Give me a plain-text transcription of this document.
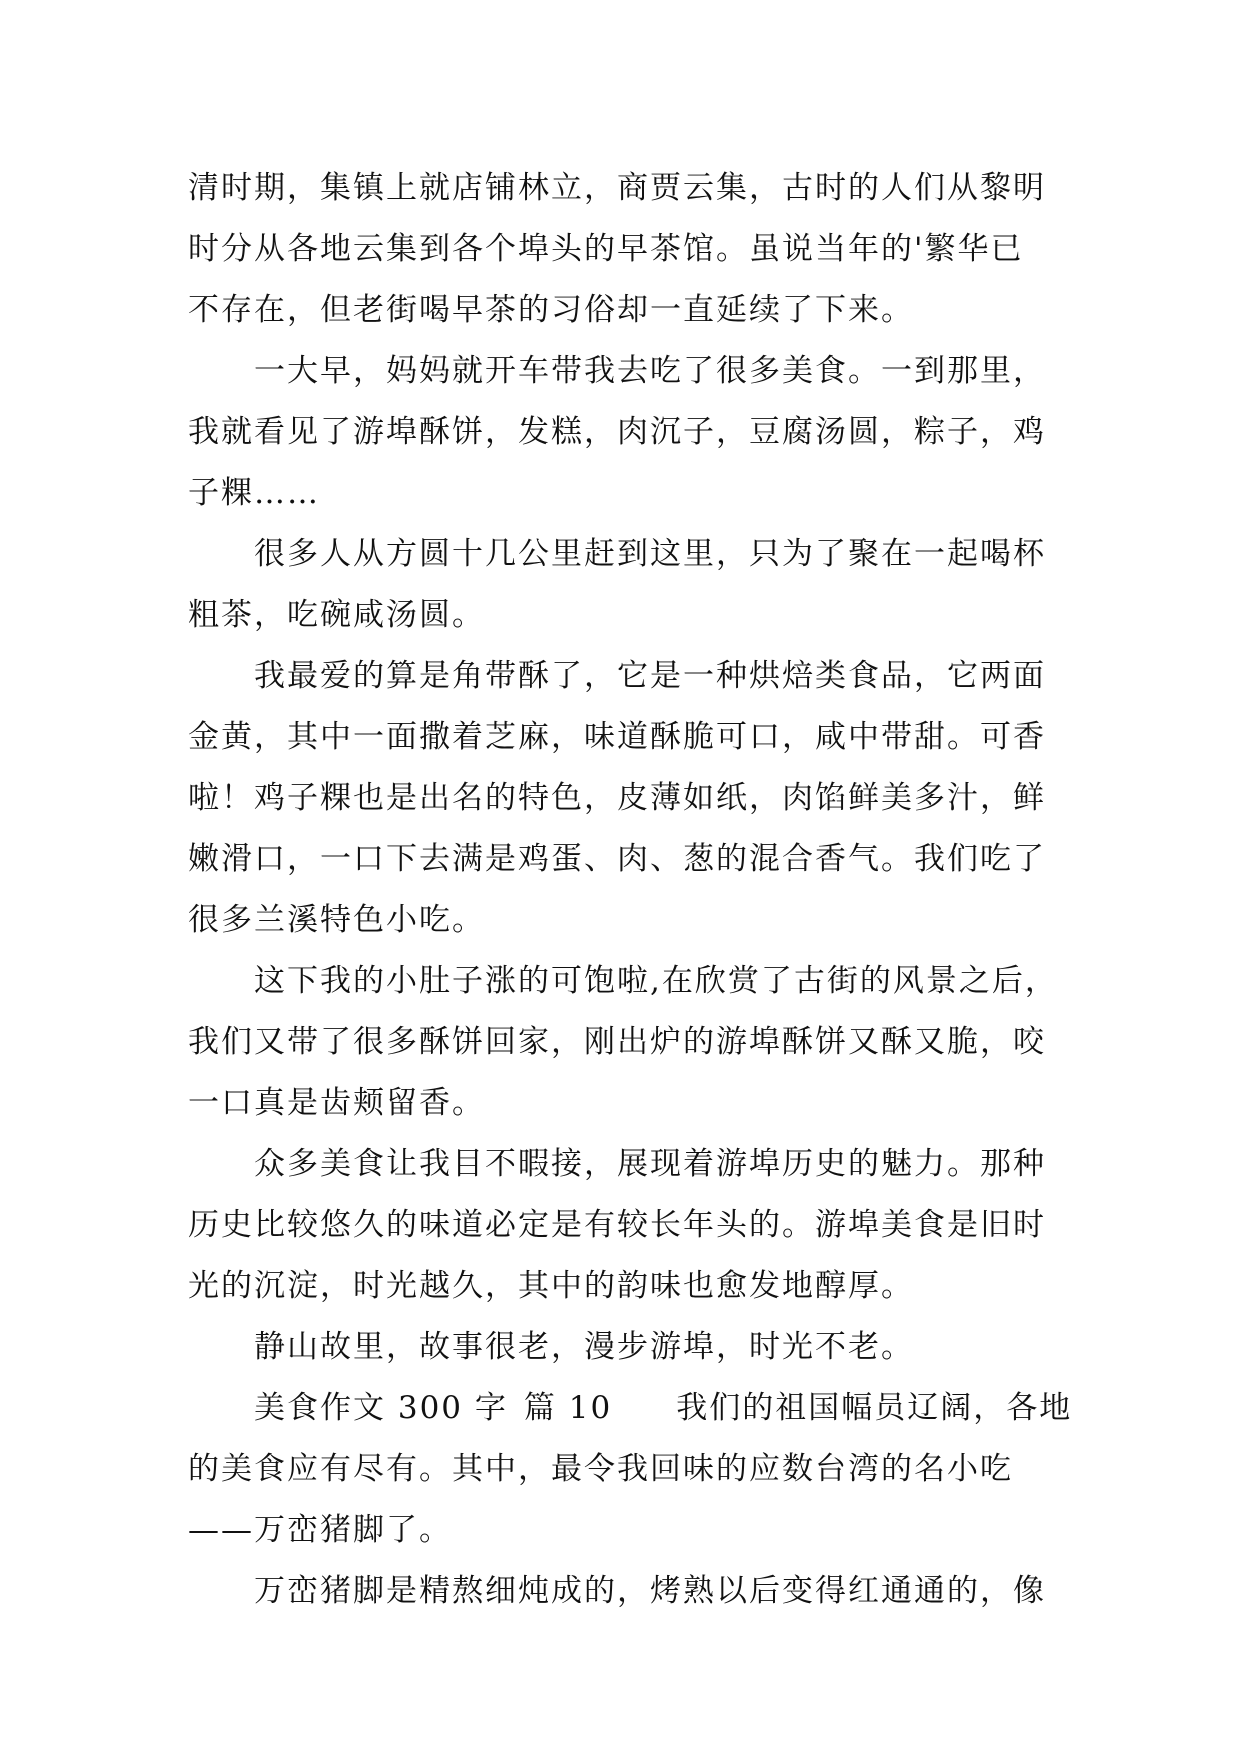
清时期，集镇上就店铺林立，商贾云集，古时的人们从黎明
时分从各地云集到各个埠头的早茶馆。虽说当年的'繁华已
不存在，但老街喝早茶的习俗却一直延续了下来。
一大早，妈妈就开车带我去吃了很多美食。一到那里，
我就看见了游埠酥饼，发糕，肉沉子，豆腐汤圆，粽子，鸡
子粿……
很多人从方圆十几公里赶到这里，只为了聚在一起喝杯
粗茶，吃碗咸汤圆。
我最爱的算是角带酥了，它是一种烘焙类食品，它两面
金黄，其中一面撒着芝麻，味道酥脆可口，咸中带甜。可香
啦！鸡子粿也是出名的特色，皮薄如纸，肉馅鲜美多汁，鲜
嫩滑口，一口下去满是鸡蛋、肉、葱的混合香气。我们吃了
很多兰溪特色小吃。
这下我的小肚子涨的可饱啦,在欣赏了古街的风景之后，
我们又带了很多酥饼回家，刚出炉的游埠酥饼又酥又脆，咬
一口真是齿颊留香。
众多美食让我目不暇接，展现着游埠历史的魅力。那种
历史比较悠久的味道必定是有较长年头的。游埠美食是旧时
光的沉淀，时光越久，其中的韵味也愈发地醇厚。
静山故里，故事很老，漫步游埠，时光不老。
美食作文 300 字 篇 10 我们的祖国幅员辽阔，各地
的美食应有尽有。其中，最令我回味的应数台湾的名小吃
——万峦猪脚了。
万峦猪脚是精熬细炖成的，烤熟以后变得红通通的，像
